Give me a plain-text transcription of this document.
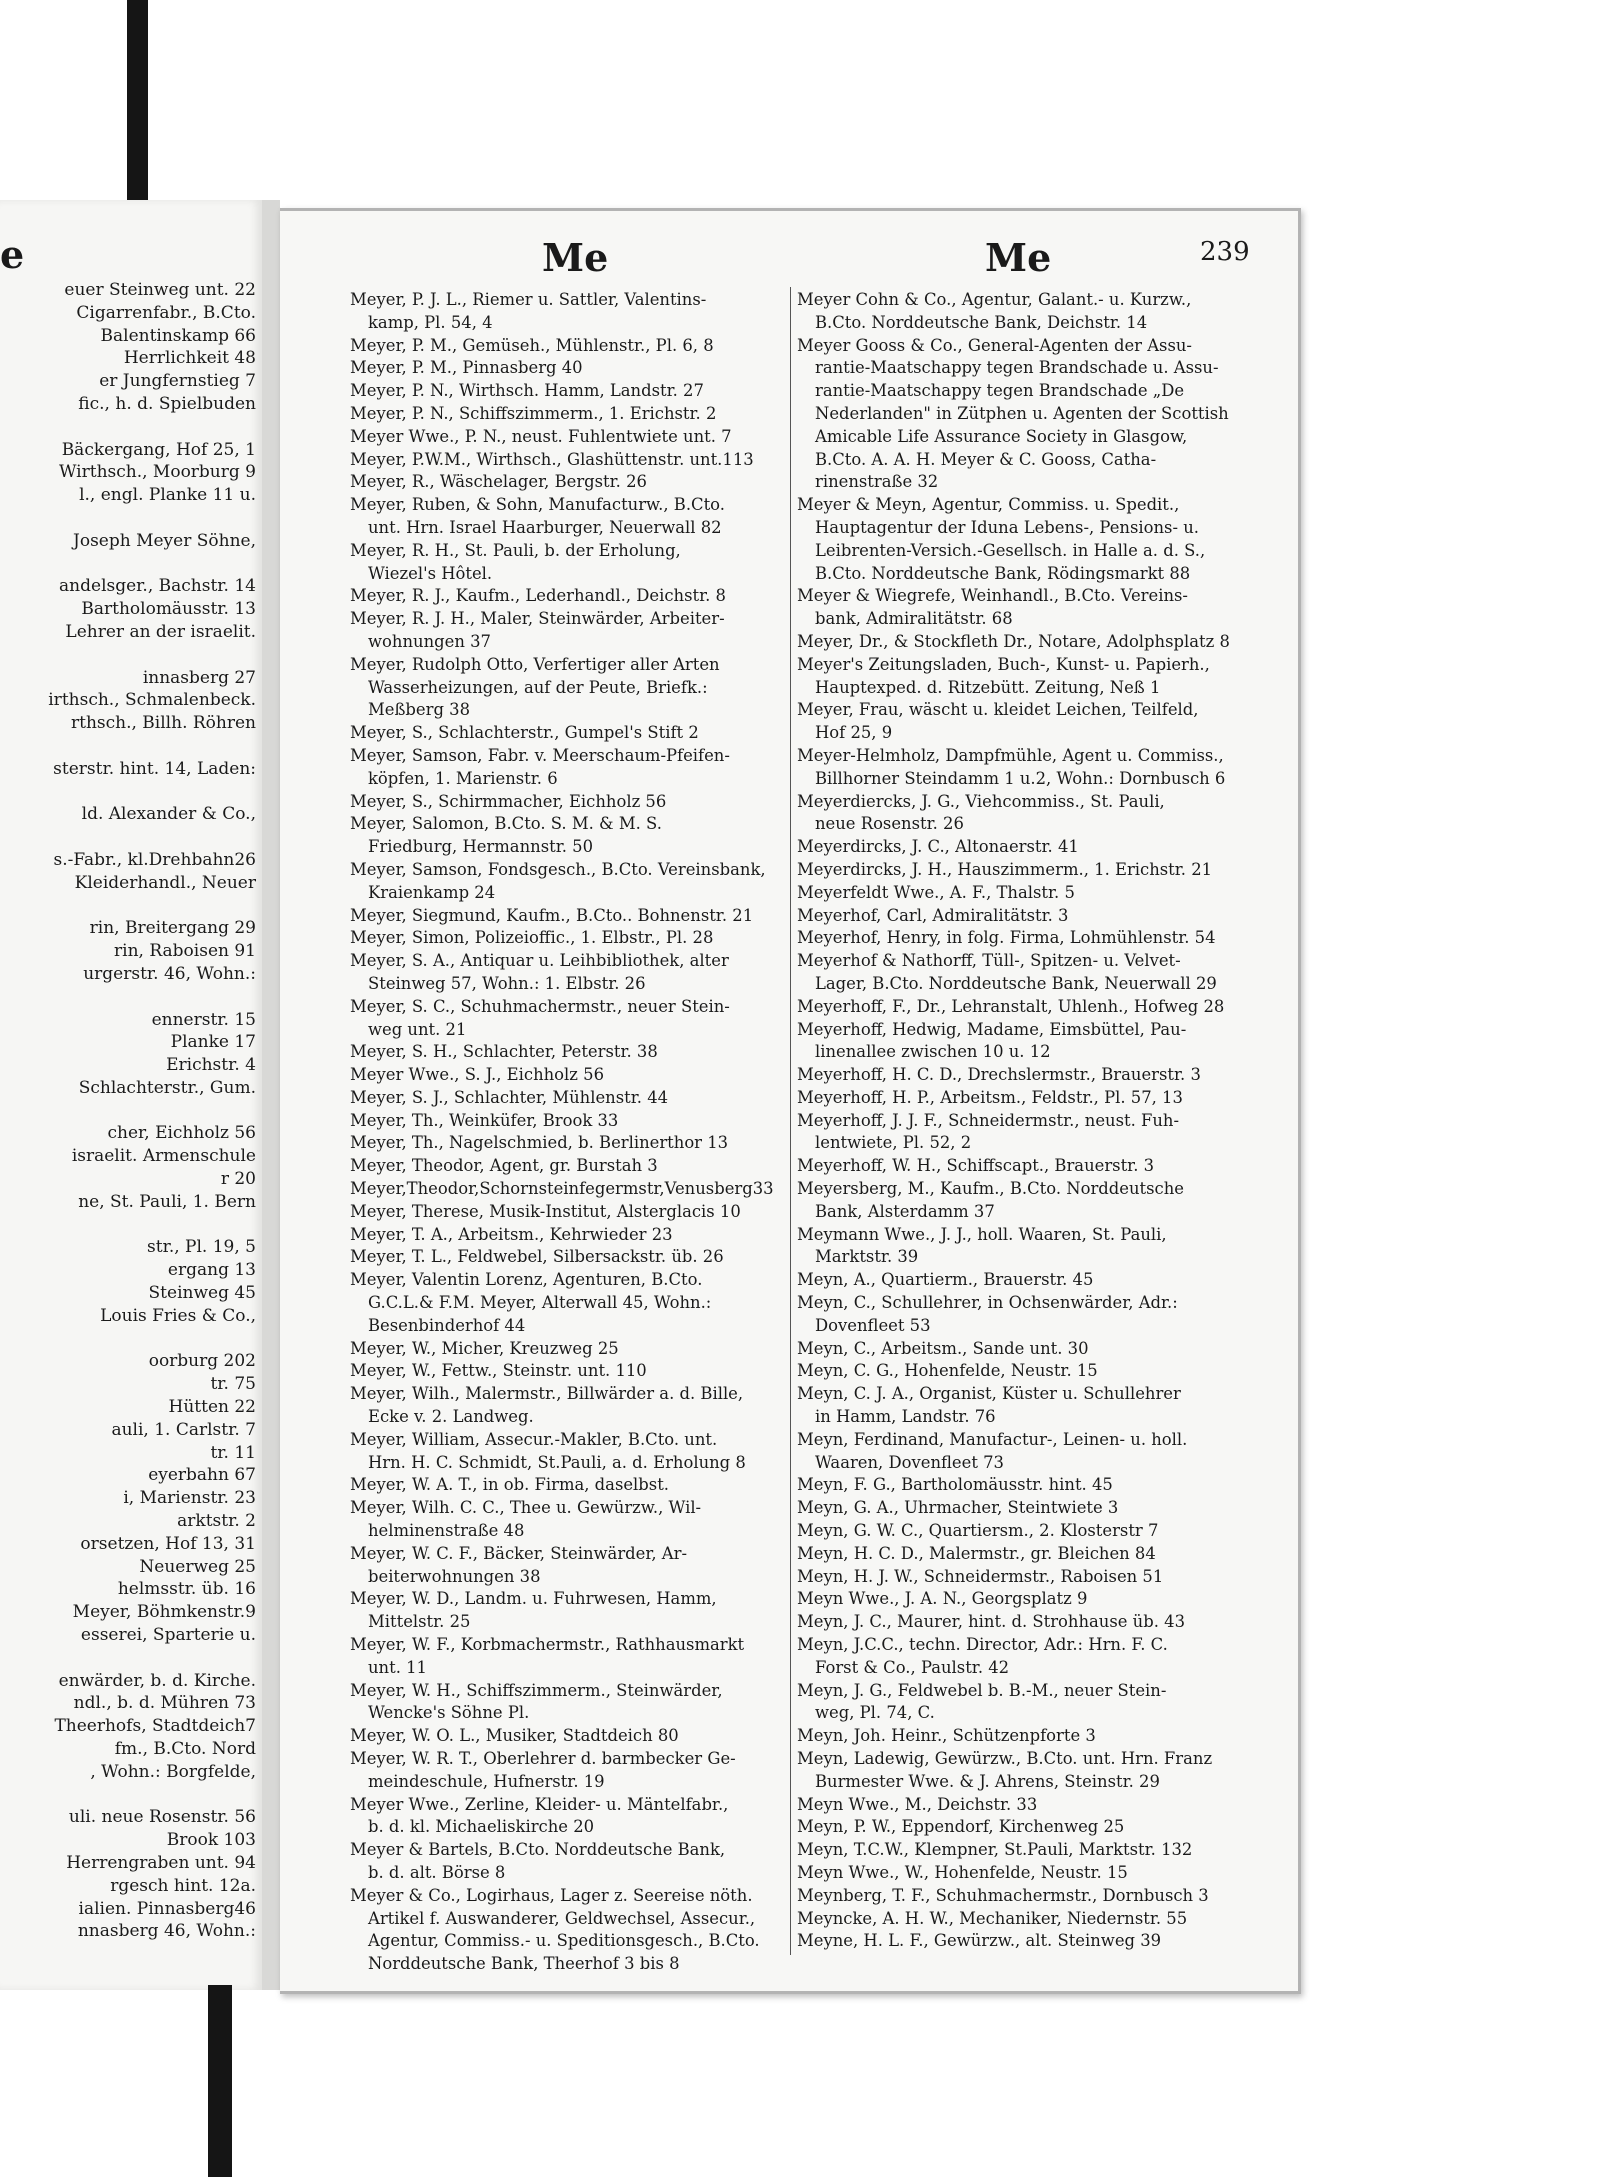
e
euer Steinweg unt. 22
Cigarrenfabr., B.Cto.
Balentinskamp 66
Herrlichkeit 48
er Jungfernstieg 7
fic., h. d. Spielbuden
Bäckergang, Hof 25, 1
Wirthsch., Moorburg 9
l., engl. Planke 11 u.
Joseph Meyer Söhne,
andelsger., Bachstr. 14
Bartholomäusstr. 13
Lehrer an der israelit.
innasberg 27
irthsch., Schmalenbeck.
rthsch., Billh. Röhren
sterstr. hint. 14, Laden:
ld. Alexander & Co.,
s.-Fabr., kl.Drehbahn26
Kleiderhandl., Neuer
rin, Breitergang 29
rin, Raboisen 91
urgerstr. 46, Wohn.:
ennerstr. 15
Planke 17
Erichstr. 4
Schlachterstr., Gum.
cher, Eichholz 56
israelit. Armenschule
r 20
ne, St. Pauli, 1. Bern
str., Pl. 19, 5
ergang 13
Steinweg 45
Louis Fries & Co.,
oorburg 202
tr. 75
Hütten 22
auli, 1. Carlstr. 7
tr. 11
eyerbahn 67
i, Marienstr. 23
arktstr. 2
orsetzen, Hof 13, 31
Neuerweg 25
helmsstr. üb. 16
Meyer, Böhmkenstr.9
esserei, Sparterie u.
enwärder, b. d. Kirche.
ndl., b. d. Mühren 73
Theerhofs, Stadtdeich7
fm., B.Cto. Nord
, Wohn.: Borgfelde,
uli. neue Rosenstr. 56
Brook 103
Herrengraben unt. 94
rgesch hint. 12a.
ialien. Pinnasberg46
nnasberg 46, Wohn.:
Me	Me	239
Meyer, P. J. L., Riemer u. Sattler, Valentins-
kamp, Pl. 54, 4
Meyer, P. M., Gemüseh., Mühlenstr., Pl. 6, 8
Meyer, P. M., Pinnasberg 40
Meyer, P. N., Wirthsch. Hamm, Landstr. 27
Meyer, P. N., Schiffszimmerm., 1. Erichstr. 2
Meyer Wwe., P. N., neust. Fuhlentwiete unt. 7
Meyer, P.W.M., Wirthsch., Glashüttenstr. unt.113
Meyer, R., Wäschelager, Bergstr. 26
Meyer, Ruben, & Sohn, Manufacturw., B.Cto.
unt. Hrn. Israel Haarburger, Neuerwall 82
Meyer, R. H., St. Pauli, b. der Erholung,
Wiezel's Hôtel.
Meyer, R. J., Kaufm., Lederhandl., Deichstr. 8
Meyer, R. J. H., Maler, Steinwärder, Arbeiter-
wohnungen 37
Meyer, Rudolph Otto, Verfertiger aller Arten
Wasserheizungen, auf der Peute, Briefk.:
Meßberg 38
Meyer, S., Schlachterstr., Gumpel's Stift 2
Meyer, Samson, Fabr. v. Meerschaum-Pfeifen-
köpfen, 1. Marienstr. 6
Meyer, S., Schirmmacher, Eichholz 56
Meyer, Salomon, B.Cto. S. M. & M. S.
Friedburg, Hermannstr. 50
Meyer, Samson, Fondsgesch., B.Cto. Vereinsbank,
Kraienkamp 24
Meyer, Siegmund, Kaufm., B.Cto.. Bohnenstr. 21
Meyer, Simon, Polizeioffic., 1. Elbstr., Pl. 28
Meyer, S. A., Antiquar u. Leihbibliothek, alter
Steinweg 57, Wohn.: 1. Elbstr. 26
Meyer, S. C., Schuhmachermstr., neuer Stein-
weg unt. 21
Meyer, S. H., Schlachter, Peterstr. 38
Meyer Wwe., S. J., Eichholz 56
Meyer, S. J., Schlachter, Mühlenstr. 44
Meyer, Th., Weinküfer, Brook 33
Meyer, Th., Nagelschmied, b. Berlinerthor 13
Meyer, Theodor, Agent, gr. Burstah 3
Meyer,Theodor,Schornsteinfegermstr,Venusberg33
Meyer, Therese, Musik-Institut, Alsterglacis 10
Meyer, T. A., Arbeitsm., Kehrwieder 23
Meyer, T. L., Feldwebel, Silbersackstr. üb. 26
Meyer, Valentin Lorenz, Agenturen, B.Cto.
G.C.L.& F.M. Meyer, Alterwall 45, Wohn.:
Besenbinderhof 44
Meyer, W., Micher, Kreuzweg 25
Meyer, W., Fettw., Steinstr. unt. 110
Meyer, Wilh., Malermstr., Billwärder a. d. Bille,
Ecke v. 2. Landweg.
Meyer, William, Assecur.-Makler, B.Cto. unt.
Hrn. H. C. Schmidt, St.Pauli, a. d. Erholung 8
Meyer, W. A. T., in ob. Firma, daselbst.
Meyer, Wilh. C. C., Thee u. Gewürzw., Wil-
helminenstraße 48
Meyer, W. C. F., Bäcker, Steinwärder, Ar-
beiterwohnungen 38
Meyer, W. D., Landm. u. Fuhrwesen, Hamm,
Mittelstr. 25
Meyer, W. F., Korbmachermstr., Rathhausmarkt
unt. 11
Meyer, W. H., Schiffszimmerm., Steinwärder,
Wencke's Söhne Pl.
Meyer, W. O. L., Musiker, Stadtdeich 80
Meyer, W. R. T., Oberlehrer d. barmbecker Ge-
meindeschule, Hufnerstr. 19
Meyer Wwe., Zerline, Kleider- u. Mäntelfabr.,
b. d. kl. Michaeliskirche 20
Meyer & Bartels, B.Cto. Norddeutsche Bank,
b. d. alt. Börse 8
Meyer & Co., Logirhaus, Lager z. Seereise nöth.
Artikel f. Auswanderer, Geldwechsel, Assecur.,
Agentur, Commiss.- u. Speditionsgesch., B.Cto.
Norddeutsche Bank, Theerhof 3 bis 8
Meyer Cohn & Co., Agentur, Galant.- u. Kurzw.,
B.Cto. Norddeutsche Bank, Deichstr. 14
Meyer Gooss & Co., General-Agenten der Assu-
rantie-Maatschappy tegen Brandschade u. Assu-
rantie-Maatschappy tegen Brandschade „De
Nederlanden" in Zütphen u. Agenten der Scottish
Amicable Life Assurance Society in Glasgow,
B.Cto. A. A. H. Meyer & C. Gooss, Catha-
rinenstraße 32
Meyer & Meyn, Agentur, Commiss. u. Spedit.,
Hauptagentur der Iduna Lebens-, Pensions- u.
Leibrenten-Versich.-Gesellsch. in Halle a. d. S.,
B.Cto. Norddeutsche Bank, Rödingsmarkt 88
Meyer & Wiegrefe, Weinhandl., B.Cto. Vereins-
bank, Admiralitätstr. 68
Meyer, Dr., & Stockfleth Dr., Notare, Adolphsplatz 8
Meyer's Zeitungsladen, Buch-, Kunst- u. Papierh.,
Hauptexped. d. Ritzebütt. Zeitung, Neß 1
Meyer, Frau, wäscht u. kleidet Leichen, Teilfeld,
Hof 25, 9
Meyer-Helmholz, Dampfmühle, Agent u. Commiss.,
Billhorner Steindamm 1 u.2, Wohn.: Dornbusch 6
Meyerdiercks, J. G., Viehcommiss., St. Pauli,
neue Rosenstr. 26
Meyerdircks, J. C., Altonaerstr. 41
Meyerdircks, J. H., Hauszimmerm., 1. Erichstr. 21
Meyerfeldt Wwe., A. F., Thalstr. 5
Meyerhof, Carl, Admiralitätstr. 3
Meyerhof, Henry, in folg. Firma, Lohmühlenstr. 54
Meyerhof & Nathorff, Tüll-, Spitzen- u. Velvet-
Lager, B.Cto. Norddeutsche Bank, Neuerwall 29
Meyerhoff, F., Dr., Lehranstalt, Uhlenh., Hofweg 28
Meyerhoff, Hedwig, Madame, Eimsbüttel, Pau-
linenallee zwischen 10 u. 12
Meyerhoff, H. C. D., Drechslermstr., Brauerstr. 3
Meyerhoff, H. P., Arbeitsm., Feldstr., Pl. 57, 13
Meyerhoff, J. J. F., Schneidermstr., neust. Fuh-
lentwiete, Pl. 52, 2
Meyerhoff, W. H., Schiffscapt., Brauerstr. 3
Meyersberg, M., Kaufm., B.Cto. Norddeutsche
Bank, Alsterdamm 37
Meymann Wwe., J. J., holl. Waaren, St. Pauli,
Marktstr. 39
Meyn, A., Quartierm., Brauerstr. 45
Meyn, C., Schullehrer, in Ochsenwärder, Adr.:
Dovenfleet 53
Meyn, C., Arbeitsm., Sande unt. 30
Meyn, C. G., Hohenfelde, Neustr. 15
Meyn, C. J. A., Organist, Küster u. Schullehrer
in Hamm, Landstr. 76
Meyn, Ferdinand, Manufactur-, Leinen- u. holl.
Waaren, Dovenfleet 73
Meyn, F. G., Bartholomäusstr. hint. 45
Meyn, G. A., Uhrmacher, Steintwiete 3
Meyn, G. W. C., Quartiersm., 2. Klosterstr 7
Meyn, H. C. D., Malermstr., gr. Bleichen 84
Meyn, H. J. W., Schneidermstr., Raboisen 51
Meyn Wwe., J. A. N., Georgsplatz 9
Meyn, J. C., Maurer, hint. d. Strohhause üb. 43
Meyn, J.C.C., techn. Director, Adr.: Hrn. F. C.
Forst & Co., Paulstr. 42
Meyn, J. G., Feldwebel b. B.-M., neuer Stein-
weg, Pl. 74, C.
Meyn, Joh. Heinr., Schützenpforte 3
Meyn, Ladewig, Gewürzw., B.Cto. unt. Hrn. Franz
Burmester Wwe. & J. Ahrens, Steinstr. 29
Meyn Wwe., M., Deichstr. 33
Meyn, P. W., Eppendorf, Kirchenweg 25
Meyn, T.C.W., Klempner, St.Pauli, Marktstr. 132
Meyn Wwe., W., Hohenfelde, Neustr. 15
Meynberg, T. F., Schuhmachermstr., Dornbusch 3
Meyncke, A. H. W., Mechaniker, Niedernstr. 55
Meyne, H. L. F., Gewürzw., alt. Steinweg 39
